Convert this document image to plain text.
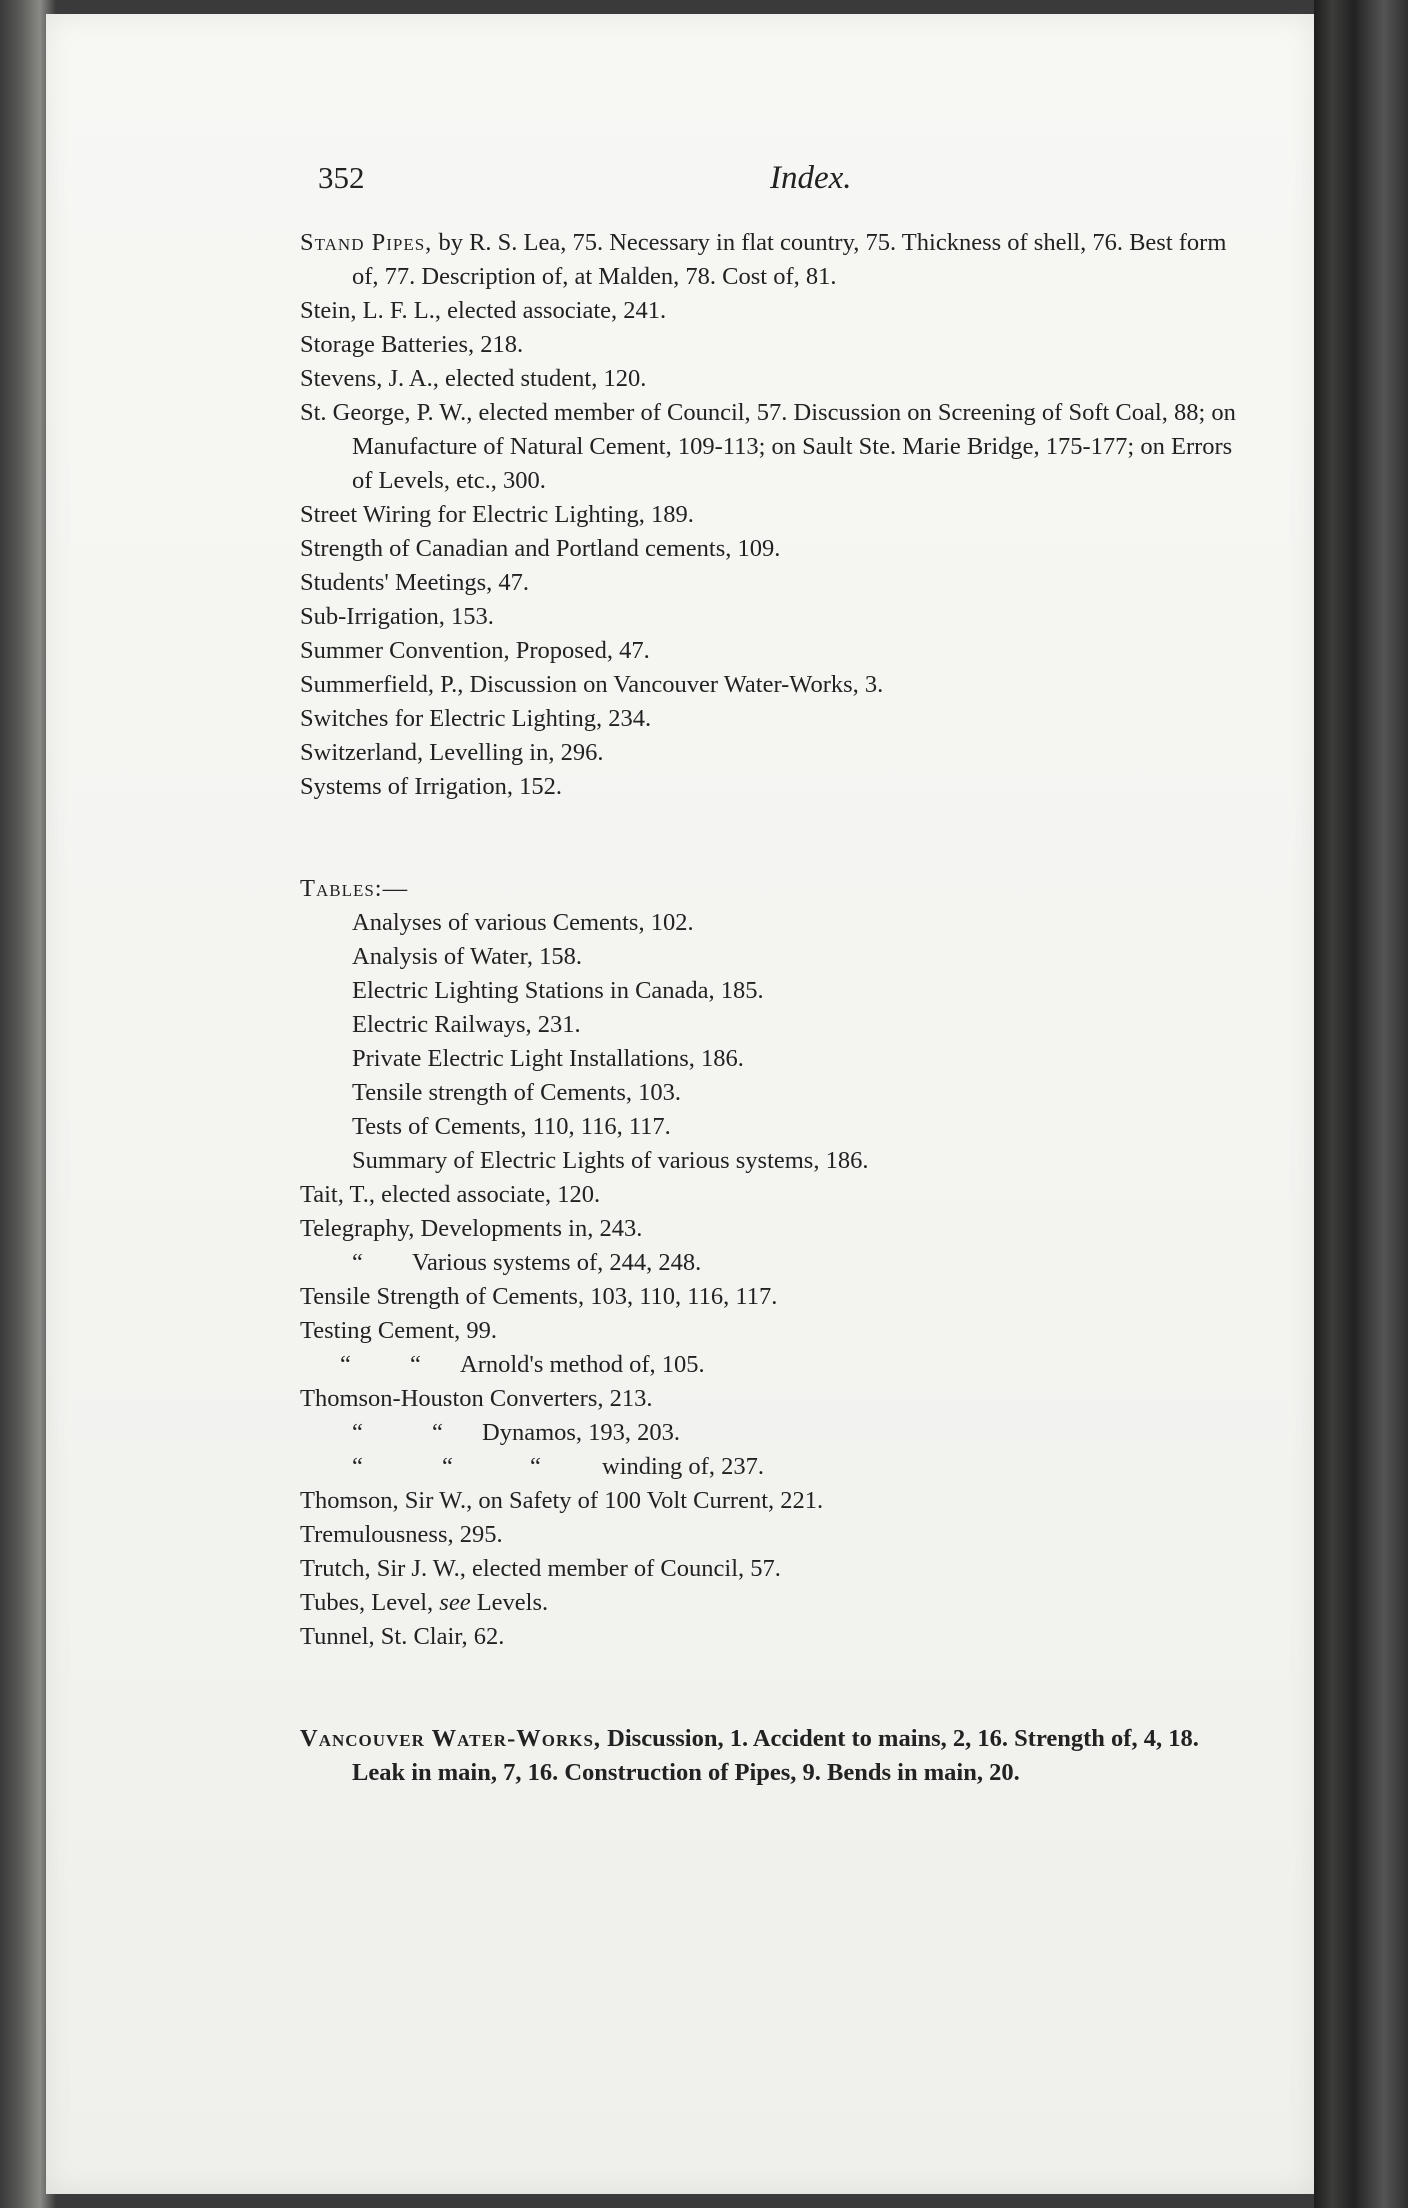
352	Index.

Stand Pipes, by R. S. Lea, 75. Necessary in flat country, 75. Thickness of shell, 76. Best form of, 77. Description of, at Malden, 78. Cost of, 81.

Stein, L. F. L., elected associate, 241.

Storage Batteries, 218.

Stevens, J. A., elected student, 120.

St. George, P. W., elected member of Council, 57. Discussion on Screening of Soft Coal, 88; on Manufacture of Natural Cement, 109-113; on Sault Ste. Marie Bridge, 175-177; on Errors of Levels, etc., 300.

Street Wiring for Electric Lighting, 189.

Strength of Canadian and Portland cements, 109.

Students' Meetings, 47.

Sub-Irrigation, 153.

Summer Convention, Proposed, 47.

Summerfield, P., Discussion on Vancouver Water-Works, 3.

Switches for Electric Lighting, 234.

Switzerland, Levelling in, 296.

Systems of Irrigation, 152.

Tables:—

Analyses of various Cements, 102.

Analysis of Water, 158.

Electric Lighting Stations in Canada, 185.

Electric Railways, 231.

Private Electric Light Installations, 186.

Tensile strength of Cements, 103.

Tests of Cements, 110, 116, 117.

Summary of Electric Lights of various systems, 186.

Tait, T., elected associate, 120.

Telegraphy, Developments in, 243.

“ Various systems of, 244, 248.

Tensile Strength of Cements, 103, 110, 116, 117.

Testing Cement, 99.

“ “ Arnold's method of, 105.

Thomson-Houston Converters, 213.

“	“ Dynamos, 193, 203.

“	“	“ winding of, 237.

Thomson, Sir W., on Safety of 100 Volt Current, 221.

Tremulousness, 295.

Trutch, Sir J. W., elected member of Council, 57.

Tubes, Level, see Levels.

Tunnel, St. Clair, 62.

Vancouver Water-Works, Discussion, 1. Accident to mains, 2, 16. Strength of, 4, 18. Leak in main, 7, 16. Construction of Pipes, 9. Bends in main, 20.
